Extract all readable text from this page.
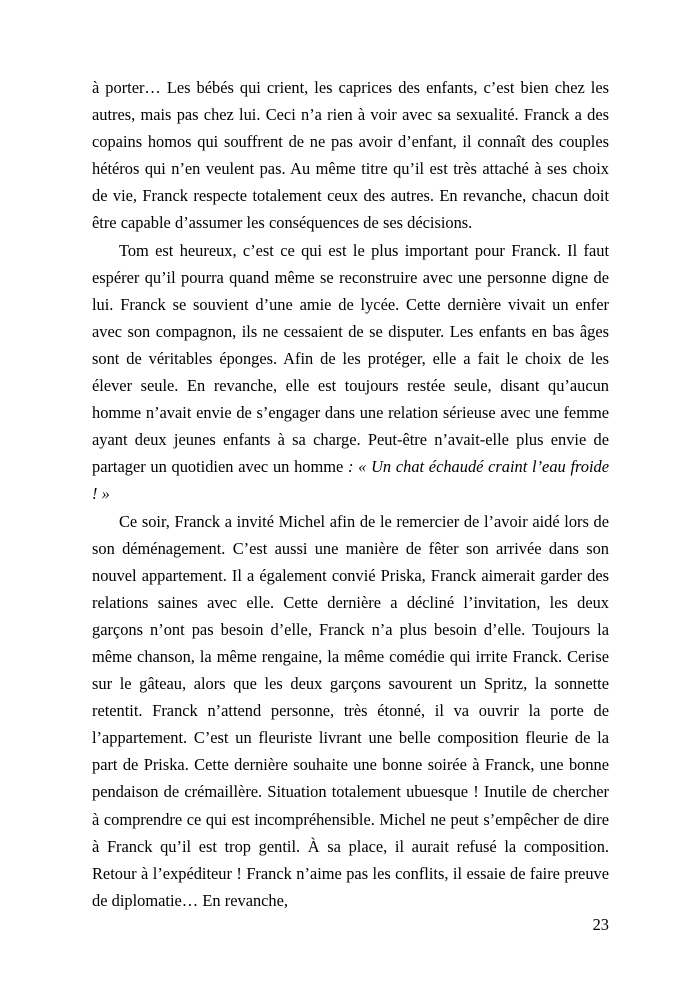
à porter… Les bébés qui crient, les caprices des enfants, c’est bien chez les autres, mais pas chez lui. Ceci n’a rien à voir avec sa sexualité. Franck a des copains homos qui souffrent de ne pas avoir d’enfant, il connaît des couples hétéros qui n’en veulent pas. Au même titre qu’il est très attaché à ses choix de vie, Franck respecte totalement ceux des autres. En revanche, chacun doit être capable d’assumer les conséquences de ses décisions.

Tom est heureux, c’est ce qui est le plus important pour Franck. Il faut espérer qu’il pourra quand même se reconstruire avec une personne digne de lui. Franck se souvient d’une amie de lycée. Cette dernière vivait un enfer avec son compagnon, ils ne cessaient de se disputer. Les enfants en bas âges sont de véritables éponges. Afin de les protéger, elle a fait le choix de les élever seule. En revanche, elle est toujours restée seule, disant qu’aucun homme n’avait envie de s’engager dans une relation sérieuse avec une femme ayant deux jeunes enfants à sa charge. Peut-être n’avait-elle plus envie de partager un quotidien avec un homme : « Un chat échaudé craint l’eau froide ! »

Ce soir, Franck a invité Michel afin de le remercier de l’avoir aidé lors de son déménagement. C’est aussi une manière de fêter son arrivée dans son nouvel appartement. Il a également convié Priska, Franck aimerait garder des relations saines avec elle. Cette dernière a décliné l’invitation, les deux garçons n’ont pas besoin d’elle, Franck n’a plus besoin d’elle. Toujours la même chanson, la même rengaine, la même comédie qui irrite Franck. Cerise sur le gâteau, alors que les deux garçons savourent un Spritz, la sonnette retentit. Franck n’attend personne, très étonné, il va ouvrir la porte de l’appartement. C’est un fleuriste livrant une belle composition fleurie de la part de Priska. Cette dernière souhaite une bonne soirée à Franck, une bonne pendaison de crémaillère. Situation totalement ubuesque ! Inutile de chercher à comprendre ce qui est incompréhensible. Michel ne peut s’empêcher de dire à Franck qu’il est trop gentil. À sa place, il aurait refusé la composition. Retour à l’expéditeur ! Franck n’aime pas les conflits, il essaie de faire preuve de diplomatie… En revanche,

23
